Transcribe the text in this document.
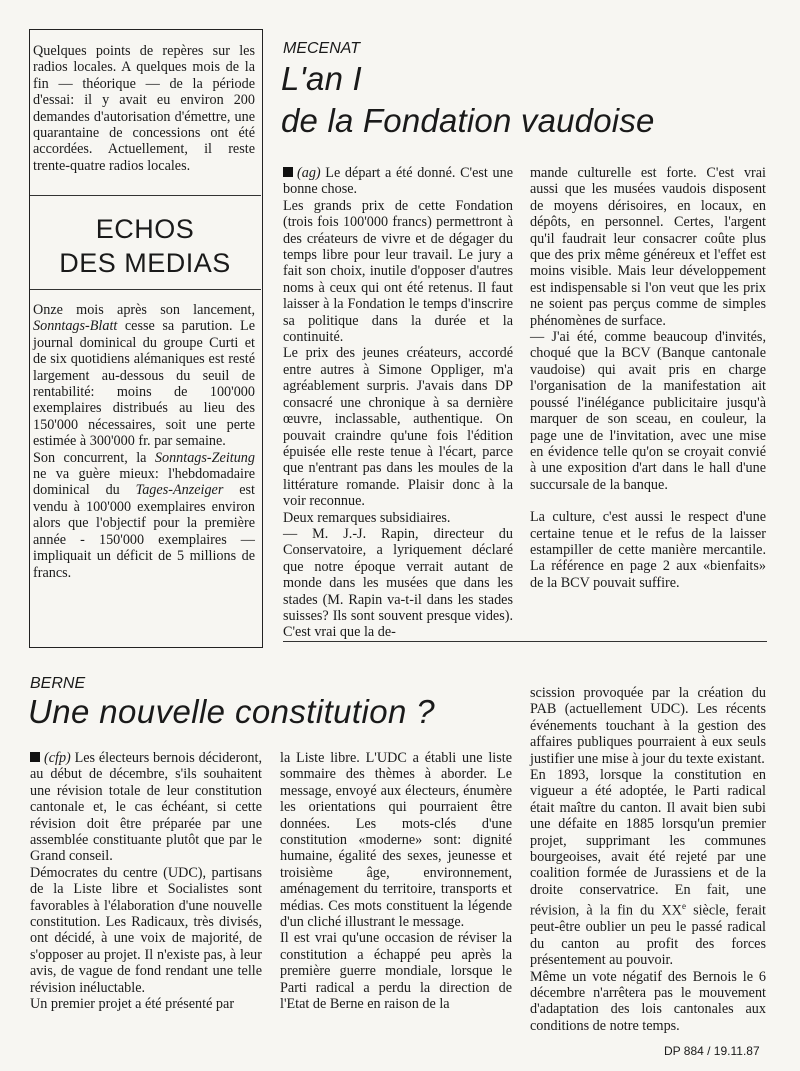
Quelques points de repères sur les radios locales. A quelques mois de la fin — théorique — de la période d'essai: il y avait eu environ 200 demandes d'autorisation d'émettre, une quarantaine de concessions ont été accordées. Actuellement, il reste trente-quatre radios locales.

ECHOS
DES MEDIAS

Onze mois après son lancement, Sonntags-Blatt cesse sa parution. Le journal dominical du groupe Curti et de six quotidiens alémaniques est resté largement au-dessous du seuil de rentabilité: moins de 100'000 exemplaires distribués au lieu des 150'000 nécessaires, soit une perte estimée à 300'000 fr. par semaine.

Son concurrent, la Sonntags-Zeitung ne va guère mieux: l'hebdomadaire dominical du Tages-Anzeiger est vendu à 100'000 exemplaires environ alors que l'objectif pour la première année - 150'000 exemplaires — impliquait un déficit de 5 millions de francs.

MECENAT
L'an I
de la Fondation vaudoise

(ag) Le départ a été donné. C'est une bonne chose.

Les grands prix de cette Fondation (trois fois 100'000 francs) permettront à des créateurs de vivre et de dégager du temps libre pour leur travail. Le jury a fait son choix, inutile d'opposer d'autres noms à ceux qui ont été retenus. Il faut laisser à la Fondation le temps d'inscrire sa politique dans la durée et la continuité.

Le prix des jeunes créateurs, accordé entre autres à Simone Oppliger, m'a agréablement surpris. J'avais dans DP consacré une chronique à sa dernière œuvre, inclassable, authentique. On pouvait craindre qu'une fois l'édition épuisée elle reste tenue à l'écart, parce que n'entrant pas dans les moules de la littérature romande. Plaisir donc à la voir reconnue.

Deux remarques subsidiaires.

— M. J.-J. Rapin, directeur du Conservatoire, a lyriquement déclaré que notre époque verrait autant de monde dans les musées que dans les stades (M. Rapin va-t-il dans les stades suisses? Ils sont souvent presque vides). C'est vrai que la de-

mande culturelle est forte. C'est vrai aussi que les musées vaudois disposent de moyens dérisoires, en locaux, en dépôts, en personnel. Certes, l'argent qu'il faudrait leur consacrer coûte plus que des prix même généreux et l'effet est moins visible. Mais leur développement est indispensable si l'on veut que les prix ne soient pas perçus comme de simples phénomènes de surface.

— J'ai été, comme beaucoup d'invités, choqué que la BCV (Banque cantonale vaudoise) qui avait pris en charge l'organisation de la manifestation ait poussé l'inélégance publicitaire jusqu'à marquer de son sceau, en couleur, la page une de l'invitation, avec une mise en évidence telle qu'on se croyait convié à une exposition d'art dans le hall d'une succursale de la banque.

La culture, c'est aussi le respect d'une certaine tenue et le refus de la laisser estampiller de cette manière mercantile. La référence en page 2 aux «bienfaits» de la BCV pouvait suffire.

BERNE
Une nouvelle constitution ?

(cfp) Les électeurs bernois décideront, au début de décembre, s'ils souhaitent une révision totale de leur constitution cantonale et, le cas échéant, si cette révision doit être préparée par une assemblée constituante plutôt que par le Grand conseil.

Démocrates du centre (UDC), partisans de la Liste libre et Socialistes sont favorables à l'élaboration d'une nouvelle constitution. Les Radicaux, très divisés, ont décidé, à une voix de majorité, de s'opposer au projet. Il n'existe pas, à leur avis, de vague de fond rendant une telle révision inéluctable.

Un premier projet a été présenté par

la Liste libre. L'UDC a établi une liste sommaire des thèmes à aborder. Le message, envoyé aux électeurs, énumère les orientations qui pourraient être données. Les mots-clés d'une constitution «moderne» sont: dignité humaine, égalité des sexes, jeunesse et troisième âge, environnement, aménagement du territoire, transports et médias. Ces mots constituent la légende d'un cliché illustrant le message.

Il est vrai qu'une occasion de réviser la constitution a échappé peu après la première guerre mondiale, lorsque le Parti radical a perdu la direction de l'Etat de Berne en raison de la

scission provoquée par la création du PAB (actuellement UDC). Les récents événements touchant à la gestion des affaires publiques pourraient à eux seuls justifier une mise à jour du texte existant.

En 1893, lorsque la constitution en vigueur a été adoptée, le Parti radical était maître du canton. Il avait bien subi une défaite en 1885 lorsqu'un premier projet, supprimant les communes bourgeoises, avait été rejeté par une coalition formée de Jurassiens et de la droite conservatrice. En fait, une révision, à la fin du XXe siècle, ferait peut-être oublier un peu le passé radical du canton au profit des forces présentement au pouvoir.

Même un vote négatif des Bernois le 6 décembre n'arrêtera pas le mouvement d'adaptation des lois cantonales aux conditions de notre temps.

DP 884 / 19.11.87
